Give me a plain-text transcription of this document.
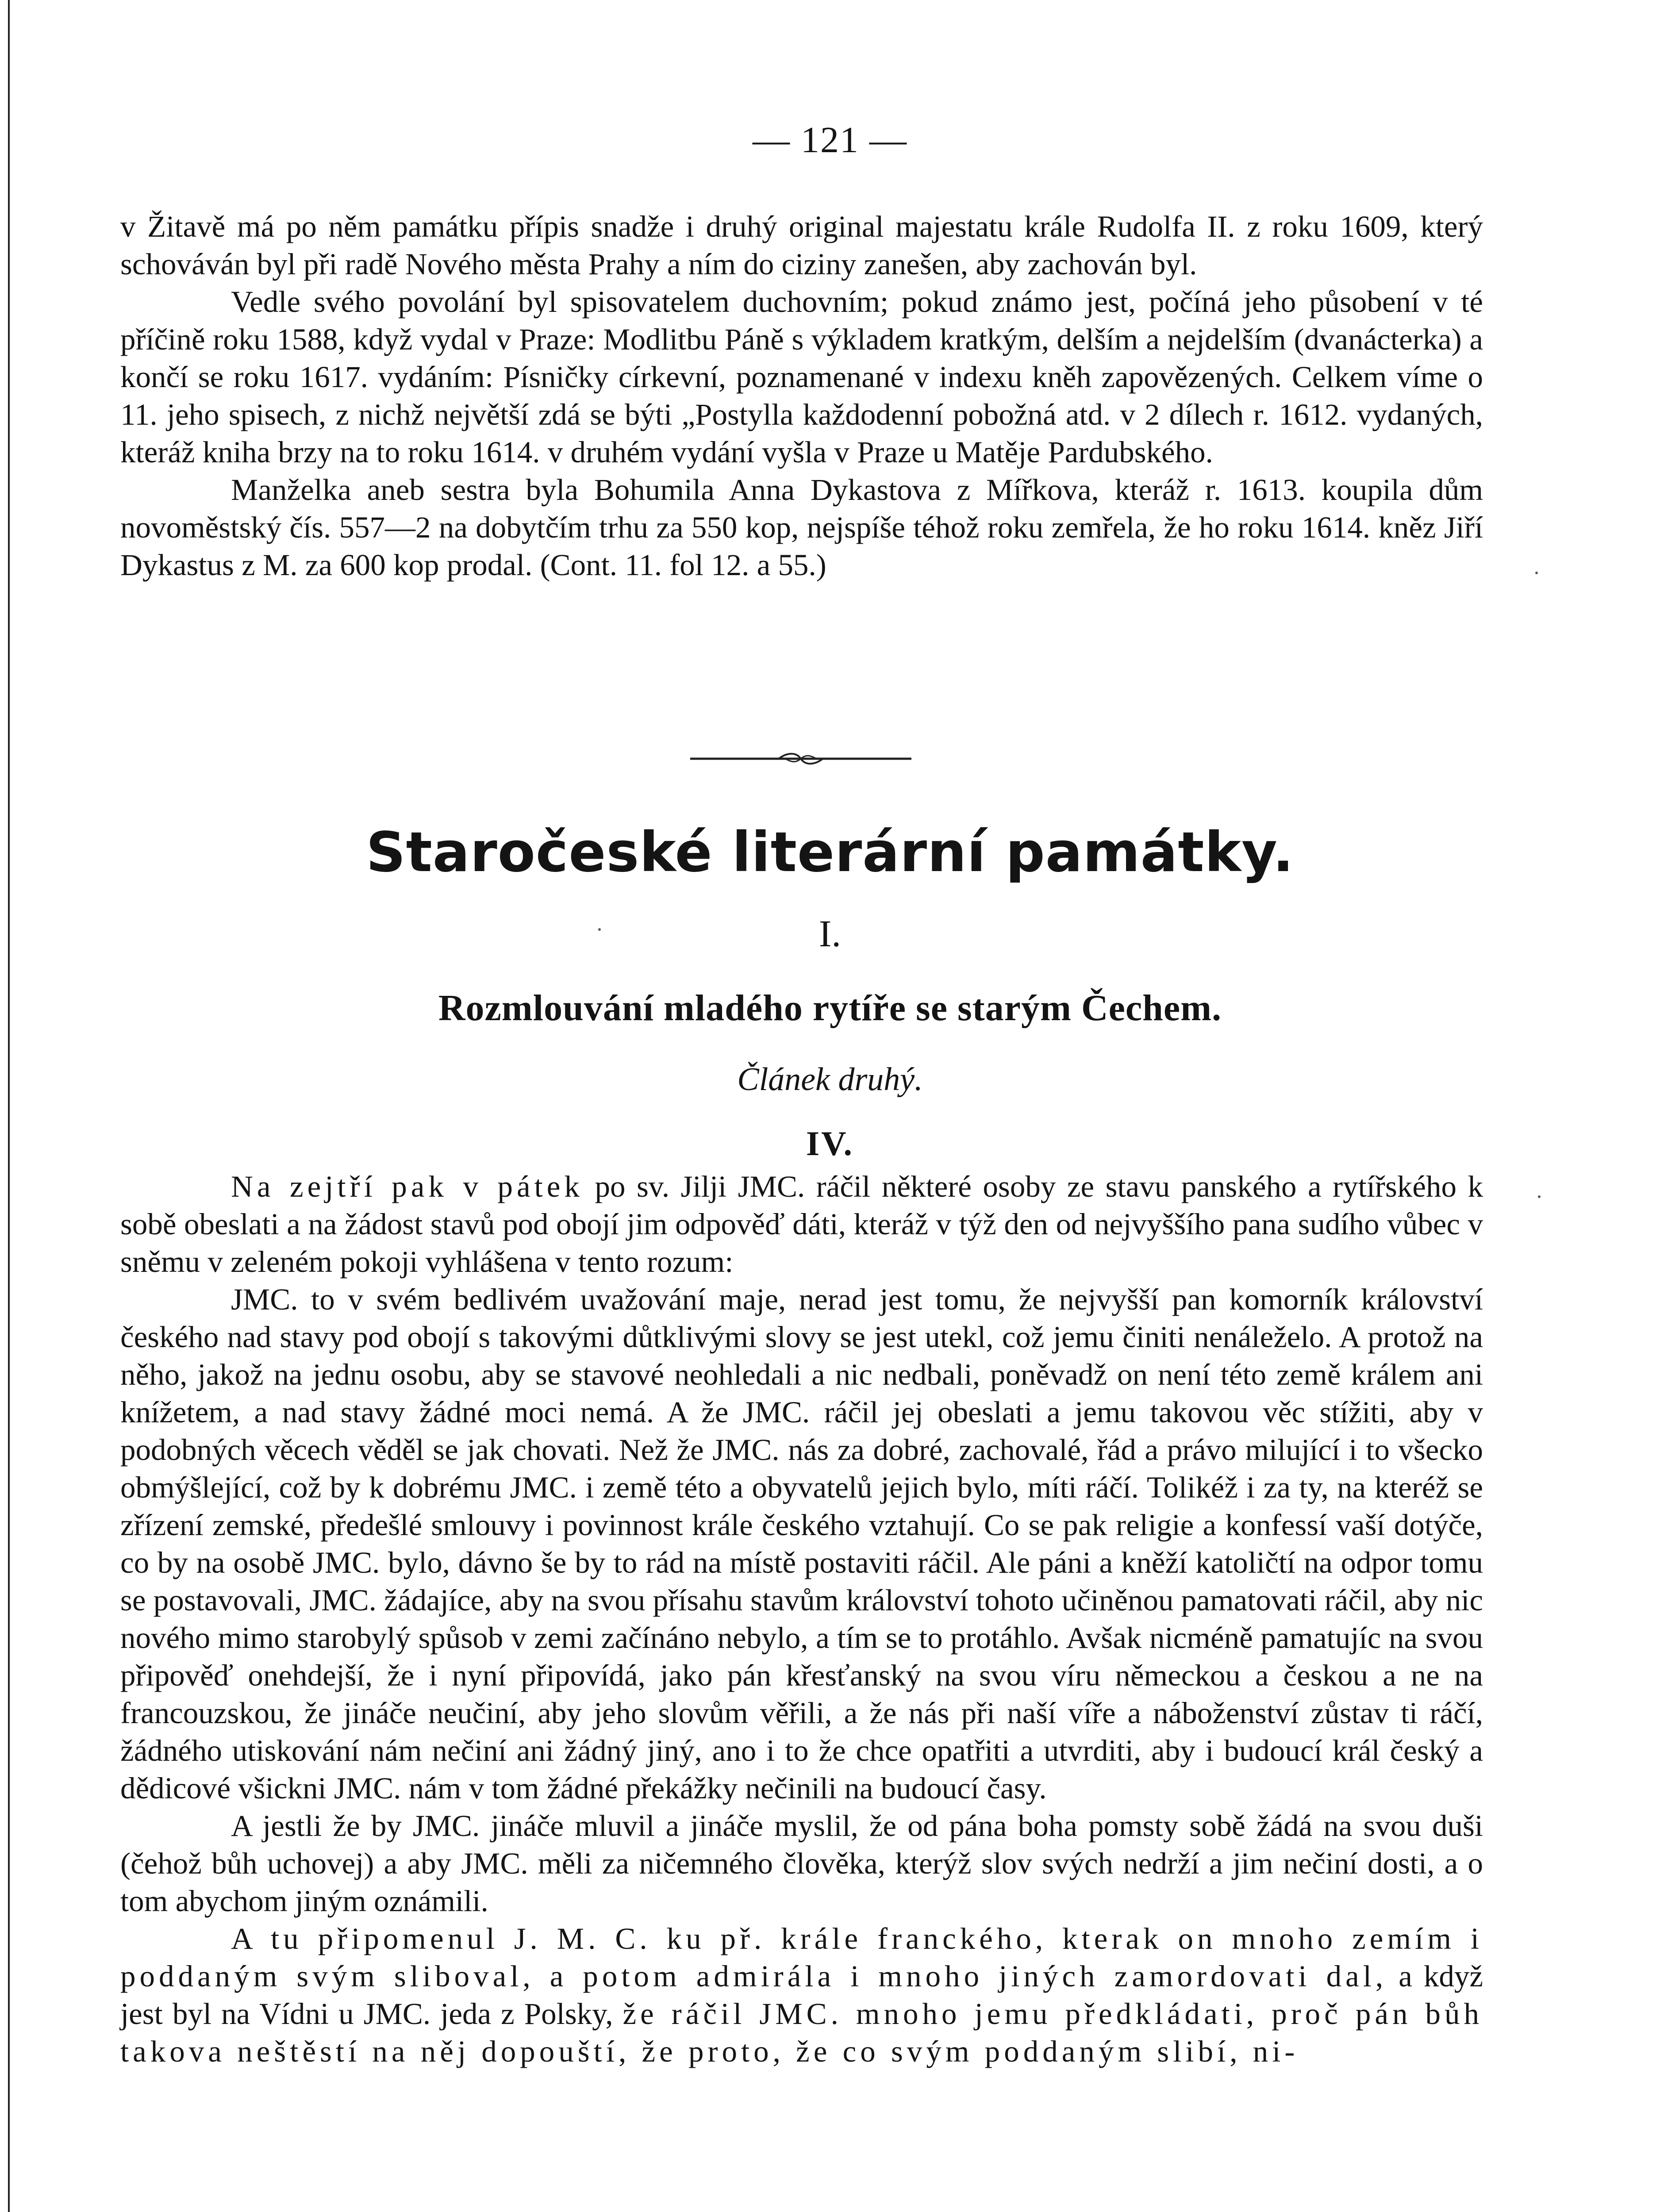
— 121 —

v Žitavě má po něm památku přípis snadže i druhý original majestatu krále Rudolfa II. z roku 1609, který schováván byl při radě Nového města Prahy a ním do ciziny zanešen, aby zachován byl.

Vedle svého povolání byl spisovatelem duchovním; pokud známo jest, počíná jeho působení v té příčině roku 1588, když vydal v Praze: Modlitbu Páně s výkladem kratkým, delším a nejdelším (dvanácterka) a končí se roku 1617. vydáním: Písničky církevní, poznamenané v indexu kněh zapovězených. Celkem víme o 11. jeho spisech, z nichž největší zdá se býti „Postylla každodenní pobožná atd. v 2 dílech r. 1612. vydaných, kteráž kniha brzy na to roku 1614. v druhém vydání vyšla v Praze u Matěje Pardubského.

Manželka aneb sestra byla Bohumila Anna Dykastova z Mířkova, kteráž r. 1613. koupila dům novoměstský čís. 557—2 na dobytčím trhu za 550 kop, nejspíše téhož roku zemřela, že ho roku 1614. kněz Jiří Dykastus z M. za 600 kop prodal. (Cont. 11. fol 12. a 55.)

Staročeské literární památky.
I.
Rozmlouvání mladého rytíře se starým Čechem.
Článek druhý.
IV.

Na zejtří pak v pátek po sv. Jilji JMC. ráčil některé osoby ze stavu panského a rytířského k sobě obeslati a na žádost stavů pod obojí jim odpověď dáti, kteráž v týž den od nejvyššího pana sudího vůbec v sněmu v zeleném pokoji vyhlášena v tento rozum:

JMC. to v svém bedlivém uvažování maje, nerad jest tomu, že nejvyšší pan komorník království českého nad stavy pod obojí s takovými důtklivými slovy se jest utekl, což jemu činiti nenáleželo. A protož na něho, jakož na jednu osobu, aby se stavové neohledali a nic nedbali, poněvadž on není této země králem ani knížetem, a nad stavy žádné moci nemá. A že JMC. ráčil jej obeslati a jemu takovou věc stížiti, aby v podobných věcech věděl se jak chovati. Než že JMC. nás za dobré, zachovalé, řád a právo milující i to všecko obmýšlející, což by k dobrému JMC. i země této a obyvatelů jejich bylo, míti ráčí. Tolikéž i za ty, na kteréž se zřízení zemské, předešlé smlouvy i povinnost krále českého vztahují. Co se pak religie a konfessí vaší dotýče, co by na osobě JMC. bylo, dávno še by to rád na místě postaviti ráčil. Ale páni a kněží katoličtí na odpor tomu se postavovali, JMC. žádajíce, aby na svou přísahu stavům království tohoto učiněnou pamatovati ráčil, aby nic nového mimo starobylý spůsob v zemi začínáno nebylo, a tím se to protáhlo. Avšak nicméně pamatujíc na svou připověď onehdejší, že i nyní připovídá, jako pán křesťanský na svou víru německou a českou a ne na francouzskou, že jináče neučiní, aby jeho slovům věřili, a že nás při naší víře a náboženství zůstav ti ráčí, žádného utiskování nám nečiní ani žádný jiný, ano i to že chce opatřiti a utvrditi, aby i budoucí král český a dědicové všickni JMC. nám v tom žádné překážky nečinili na budoucí časy.

A jestli že by JMC. jináče mluvil a jináče myslil, že od pána boha pomsty sobě žádá na svou duši (čehož bůh uchovej) a aby JMC. měli za ničemného člověka, kterýž slov svých nedrží a jim nečiní dosti, a o tom abychom jiným oznámili.

A tu připomenul J. M. C. ku př. krále franckého, kterak on mnoho zemím i poddaným svým sliboval, a potom admirála i mnoho jiných zamordovati dal, a když jest byl na Vídni u JMC. jeda z Polsky, že ráčil JMC. mnoho jemu předkládati, proč pán bůh takova neštěstí na něj dopouští, že proto, že co svým poddaným slibí, ni-
